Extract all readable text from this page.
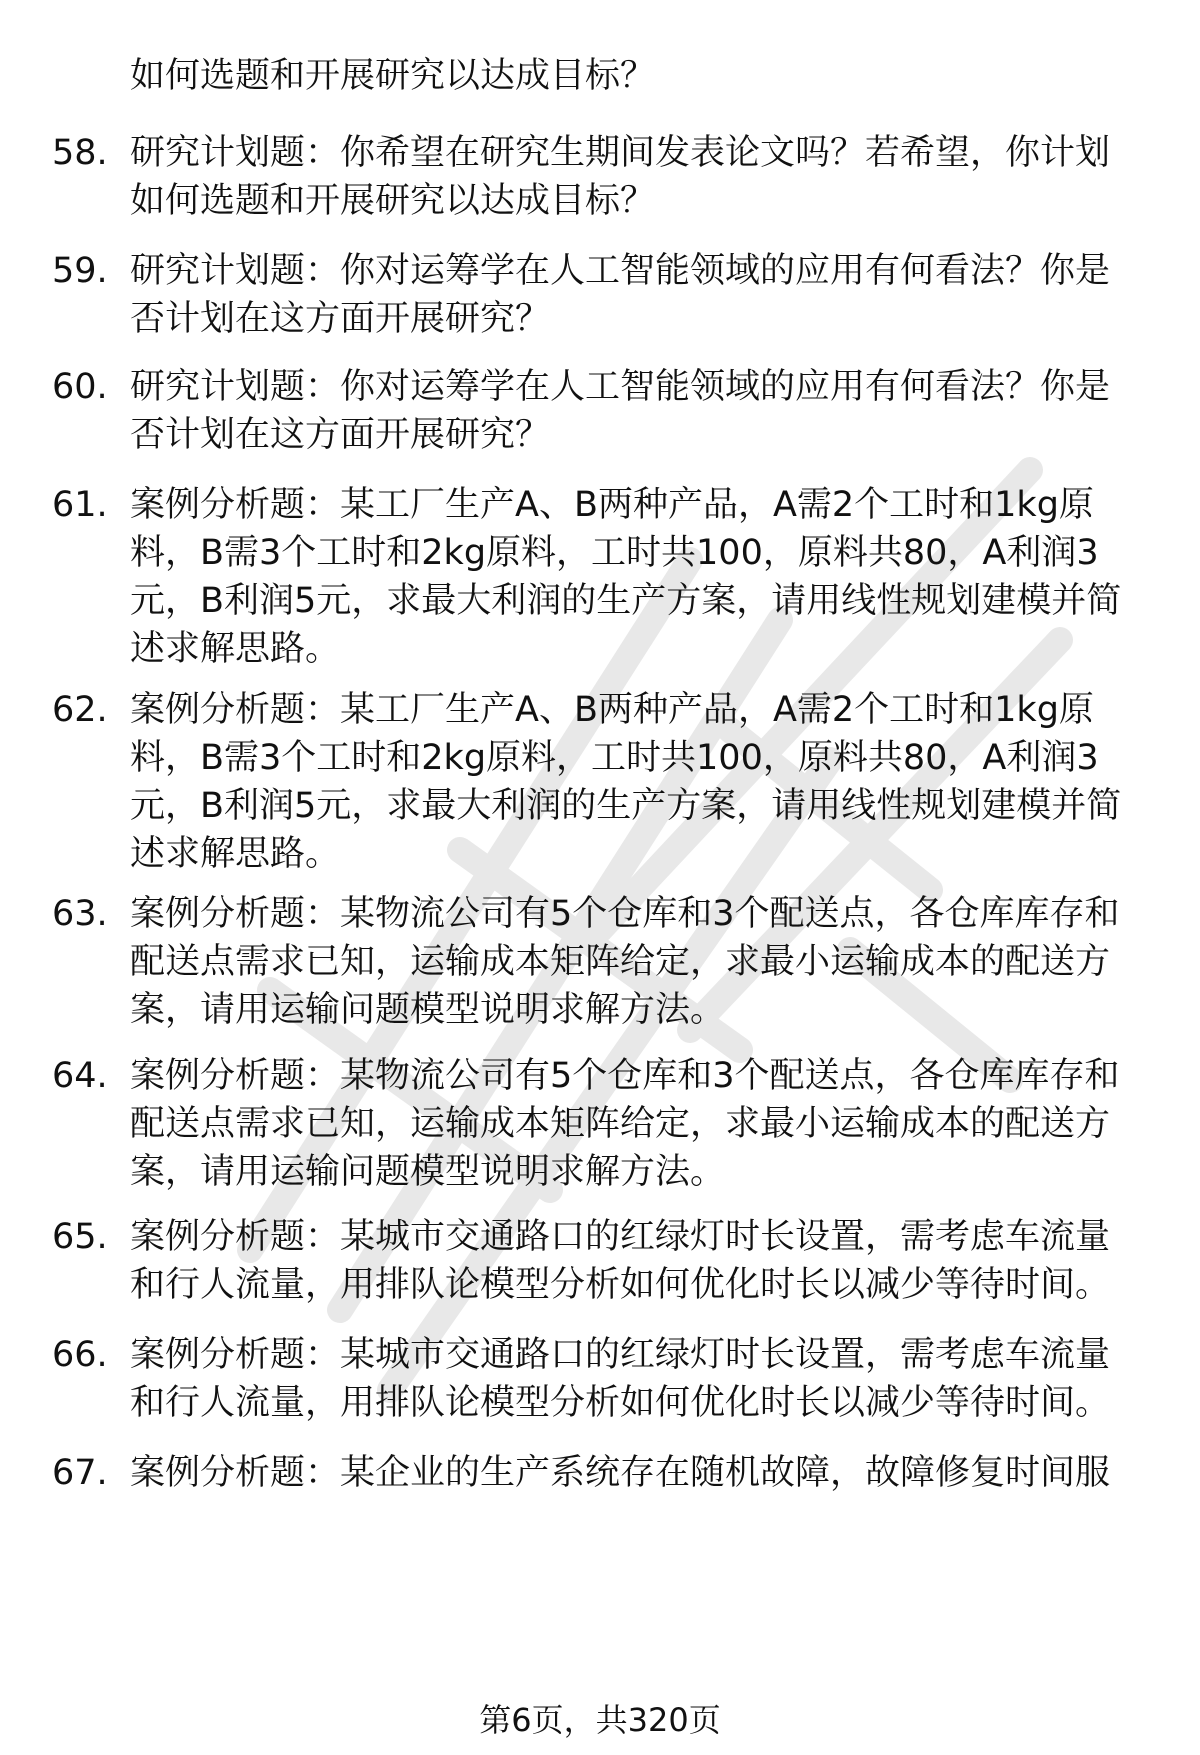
如何选题和开展研究以达成目标？
58. 研究计划题：你希望在研究生期间发表论文吗？若希望，你计划
如何选题和开展研究以达成目标？
59. 研究计划题：你对运筹学在人工智能领域的应用有何看法？你是
否计划在这方面开展研究？
60. 研究计划题：你对运筹学在人工智能领域的应用有何看法？你是
否计划在这方面开展研究？
61. 案例分析题：某工厂生产A、B两种产品，A需2个工时和1kg原
料，B需3个工时和2kg原料，工时共100，原料共80，A利润3
元，B利润5元，求最大利润的生产方案，请用线性规划建模并简
述求解思路。
62. 案例分析题：某工厂生产A、B两种产品，A需2个工时和1kg原
料，B需3个工时和2kg原料，工时共100，原料共80，A利润3
元，B利润5元，求最大利润的生产方案，请用线性规划建模并简
述求解思路。
63. 案例分析题：某物流公司有5个仓库和3个配送点，各仓库库存和
配送点需求已知，运输成本矩阵给定，求最小运输成本的配送方
案，请用运输问题模型说明求解方法。
64. 案例分析题：某物流公司有5个仓库和3个配送点，各仓库库存和
配送点需求已知，运输成本矩阵给定，求最小运输成本的配送方
案，请用运输问题模型说明求解方法。
65. 案例分析题：某城市交通路口的红绿灯时长设置，需考虑车流量
和行人流量，用排队论模型分析如何优化时长以减少等待时间。
66. 案例分析题：某城市交通路口的红绿灯时长设置，需考虑车流量
和行人流量，用排队论模型分析如何优化时长以减少等待时间。
67. 案例分析题：某企业的生产系统存在随机故障，故障修复时间服
第6页，共320页
